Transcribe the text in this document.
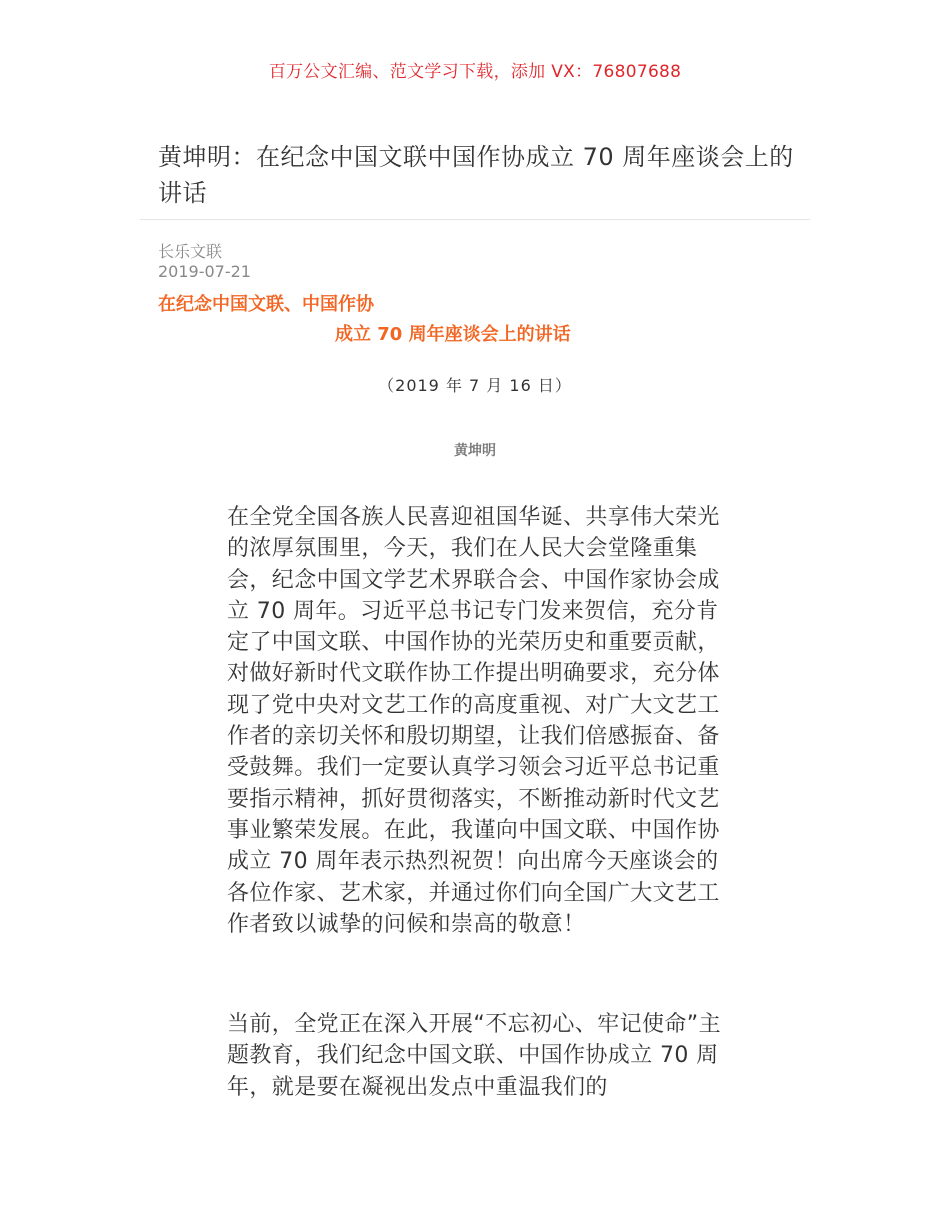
百万公文汇编、范文学习下载，添加 VX：76807688
黄坤明：在纪念中国文联中国作协成立 70 周年座谈会上的讲话
长乐文联
2019-07-21
在纪念中国文联、中国作协
成立 70 周年座谈会上的讲话
（2019 年 7 月 16 日）
黄坤明
在全党全国各族人民喜迎祖国华诞、共享伟大荣光的浓厚氛围里，今天，我们在人民大会堂隆重集会，纪念中国文学艺术界联合会、中国作家协会成立 70 周年。习近平总书记专门发来贺信，充分肯定了中国文联、中国作协的光荣历史和重要贡献，对做好新时代文联作协工作提出明确要求，充分体现了党中央对文艺工作的高度重视、对广大文艺工作者的亲切关怀和殷切期望，让我们倍感振奋、备受鼓舞。我们一定要认真学习领会习近平总书记重要指示精神，抓好贯彻落实，不断推动新时代文艺事业繁荣发展。在此，我谨向中国文联、中国作协成立 70 周年表示热烈祝贺！向出席今天座谈会的各位作家、艺术家，并通过你们向全国广大文艺工作者致以诚挚的问候和崇高的敬意！
当前，全党正在深入开展“不忘初心、牢记使命”主题教育，我们纪念中国文联、中国作协成立 70 周年，就是要在凝视出发点中重温我们的
